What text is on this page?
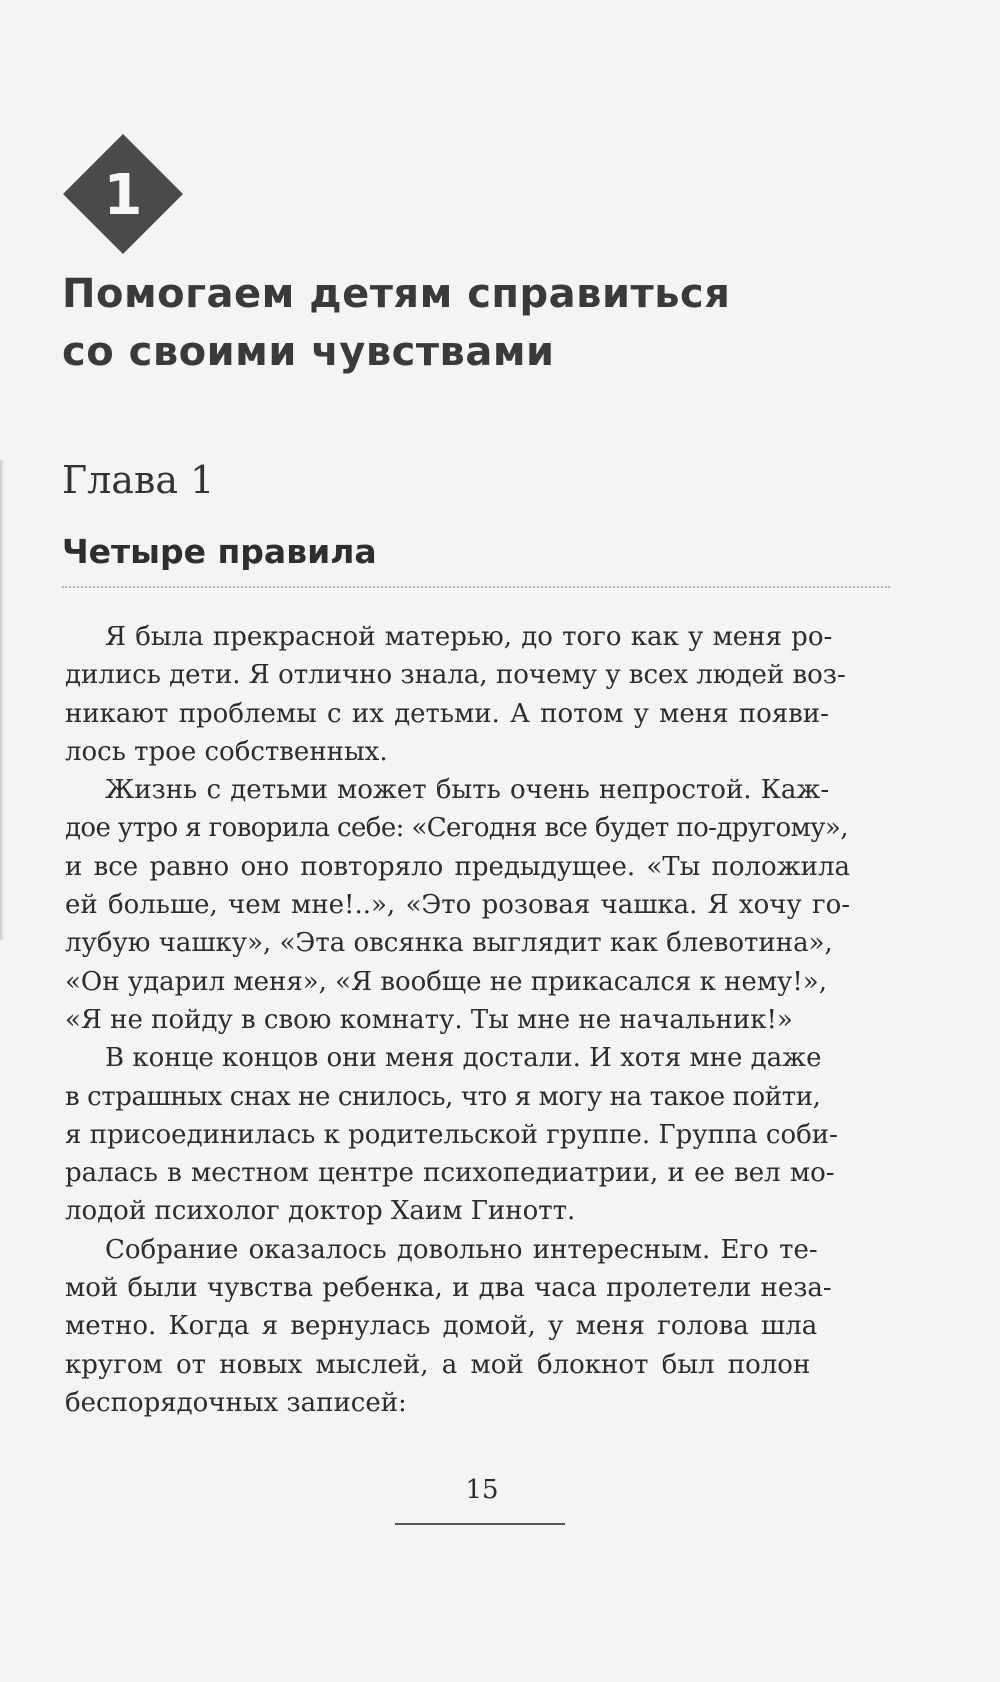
1
Помогаем детям справиться
со своими чувствами
Глава 1
Четыре правила

Я была прекрасной матерью, до того как у меня ро-
дились дети. Я отлично знала, почему у всех людей воз-
никают проблемы с их детьми. А потом у меня появи-
лось трое собственных.

Жизнь с детьми может быть очень непростой. Каж-
дое утро я говорила себе: «Сегодня все будет по-другому»,
и все равно оно повторяло предыдущее. «Ты положила
ей больше, чем мне!..», «Это розовая чашка. Я хочу го-
лубую чашку», «Эта овсянка выглядит как блевотина»,
«Он ударил меня», «Я вообще не прикасался к нему!»,
«Я не пойду в свою комнату. Ты мне не начальник!»

В конце концов они меня достали. И хотя мне даже
в страшных снах не снилось, что я могу на такое пойти,
я присоединилась к родительской группе. Группа соби-
ралась в местном центре психопедиатрии, и ее вел мо-
лодой психолог доктор Хаим Гинотт.

Собрание оказалось довольно интересным. Его те-
мой были чувства ребенка, и два часа пролетели неза-
метно. Когда я вернулась домой, у меня голова шла
кругом от новых мыслей, а мой блокнот был полон
беспорядочных записей:

15
